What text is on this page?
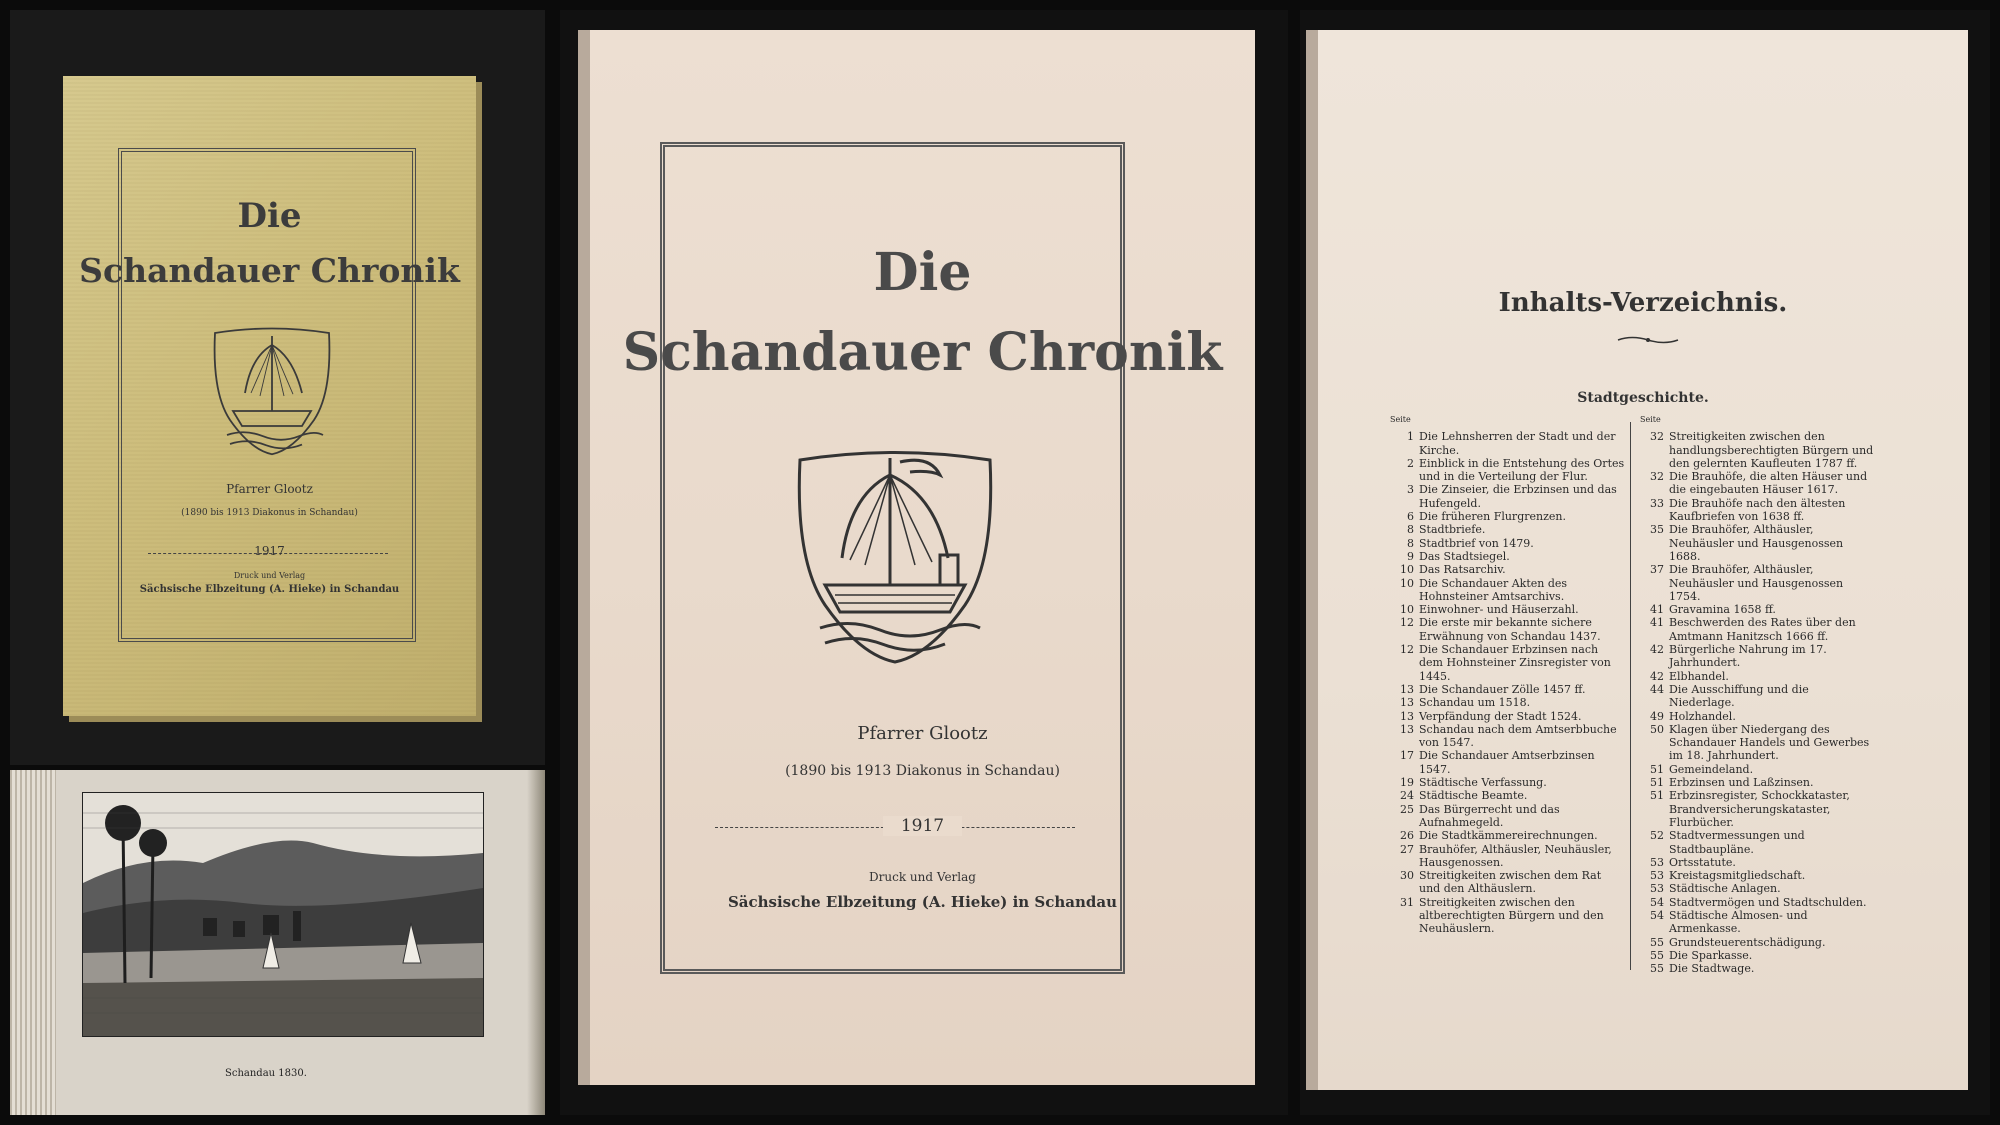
Die
Schandauer Chronik
Pfarrer Glootz
(1890 bis 1913 Diakonus in Schandau)
1917
Druck und Verlag
Sächsische Elbzeitung (A. Hieke) in Schandau
Schandau 1830.
Die
Schandauer Chronik
Pfarrer Glootz
(1890 bis 1913 Diakonus in Schandau)
1917
Druck und Verlag
Sächsische Elbzeitung (A. Hieke) in Schandau
Inhalts-Verzeichnis.
Stadtgeschichte.
Seite
1 Die Lehnsherren der Stadt und der Kirche.
2 Einblick in die Entstehung des Ortes und in die Verteilung der Flur.
3 Die Zinseier, die Erbzinsen und das Hufengeld.
6 Die früheren Flurgrenzen.
8 Stadtbriefe.
8 Stadtbrief von 1479.
9 Das Stadtsiegel.
10 Das Ratsarchiv.
10 Die Schandauer Akten des Hohnsteiner Amtsarchivs.
10 Einwohner- und Häuserzahl.
12 Die erste mir bekannte sichere Erwähnung von Schandau 1437.
12 Die Schandauer Erbzinsen nach dem Hohnsteiner Zinsregister von 1445.
13 Die Schandauer Zölle 1457 ff.
13 Schandau um 1518.
13 Verpfändung der Stadt 1524.
13 Schandau nach dem Amtserbbuche von 1547.
17 Die Schandauer Amtserbzinsen 1547.
19 Städtische Verfassung.
24 Städtische Beamte.
25 Das Bürgerrecht und das Aufnahmegeld.
26 Die Stadtkämmereirechnungen.
27 Brauhöfer, Althäusler, Neuhäusler, Hausgenossen.
30 Streitigkeiten zwischen dem Rat und den Althäuslern.
31 Streitigkeiten zwischen den altberechtigten Bürgern und den Neuhäuslern.
Seite
32 Streitigkeiten zwischen den handlungsberechtigten Bürgern und den gelernten Kaufleuten 1787 ff.
32 Die Brauhöfe, die alten Häuser und die eingebauten Häuser 1617.
33 Die Brauhöfe nach den ältesten Kaufbriefen von 1638 ff.
35 Die Brauhöfer, Althäusler, Neuhäusler und Hausgenossen 1688.
37 Die Brauhöfer, Althäusler, Neuhäusler und Hausgenossen 1754.
41 Gravamina 1658 ff.
41 Beschwerden des Rates über den Amtmann Hanitzsch 1666 ff.
42 Bürgerliche Nahrung im 17. Jahrhundert.
42 Elbhandel.
44 Die Ausschiffung und die Niederlage.
49 Holzhandel.
50 Klagen über Niedergang des Schandauer Handels und Gewerbes im 18. Jahrhundert.
51 Gemeindeland.
51 Erbzinsen und Laßzinsen.
51 Erbzinsregister, Schockkataster, Brandversicherungskataster, Flurbücher.
52 Stadtvermessungen und Stadtbaupläne.
53 Ortsstatute.
53 Kreistagsmitgliedschaft.
53 Städtische Anlagen.
54 Stadtvermögen und Stadtschulden.
54 Städtische Almosen- und Armenkasse.
55 Grundsteuerentschädigung.
55 Die Sparkasse.
55 Die Stadtwage.
